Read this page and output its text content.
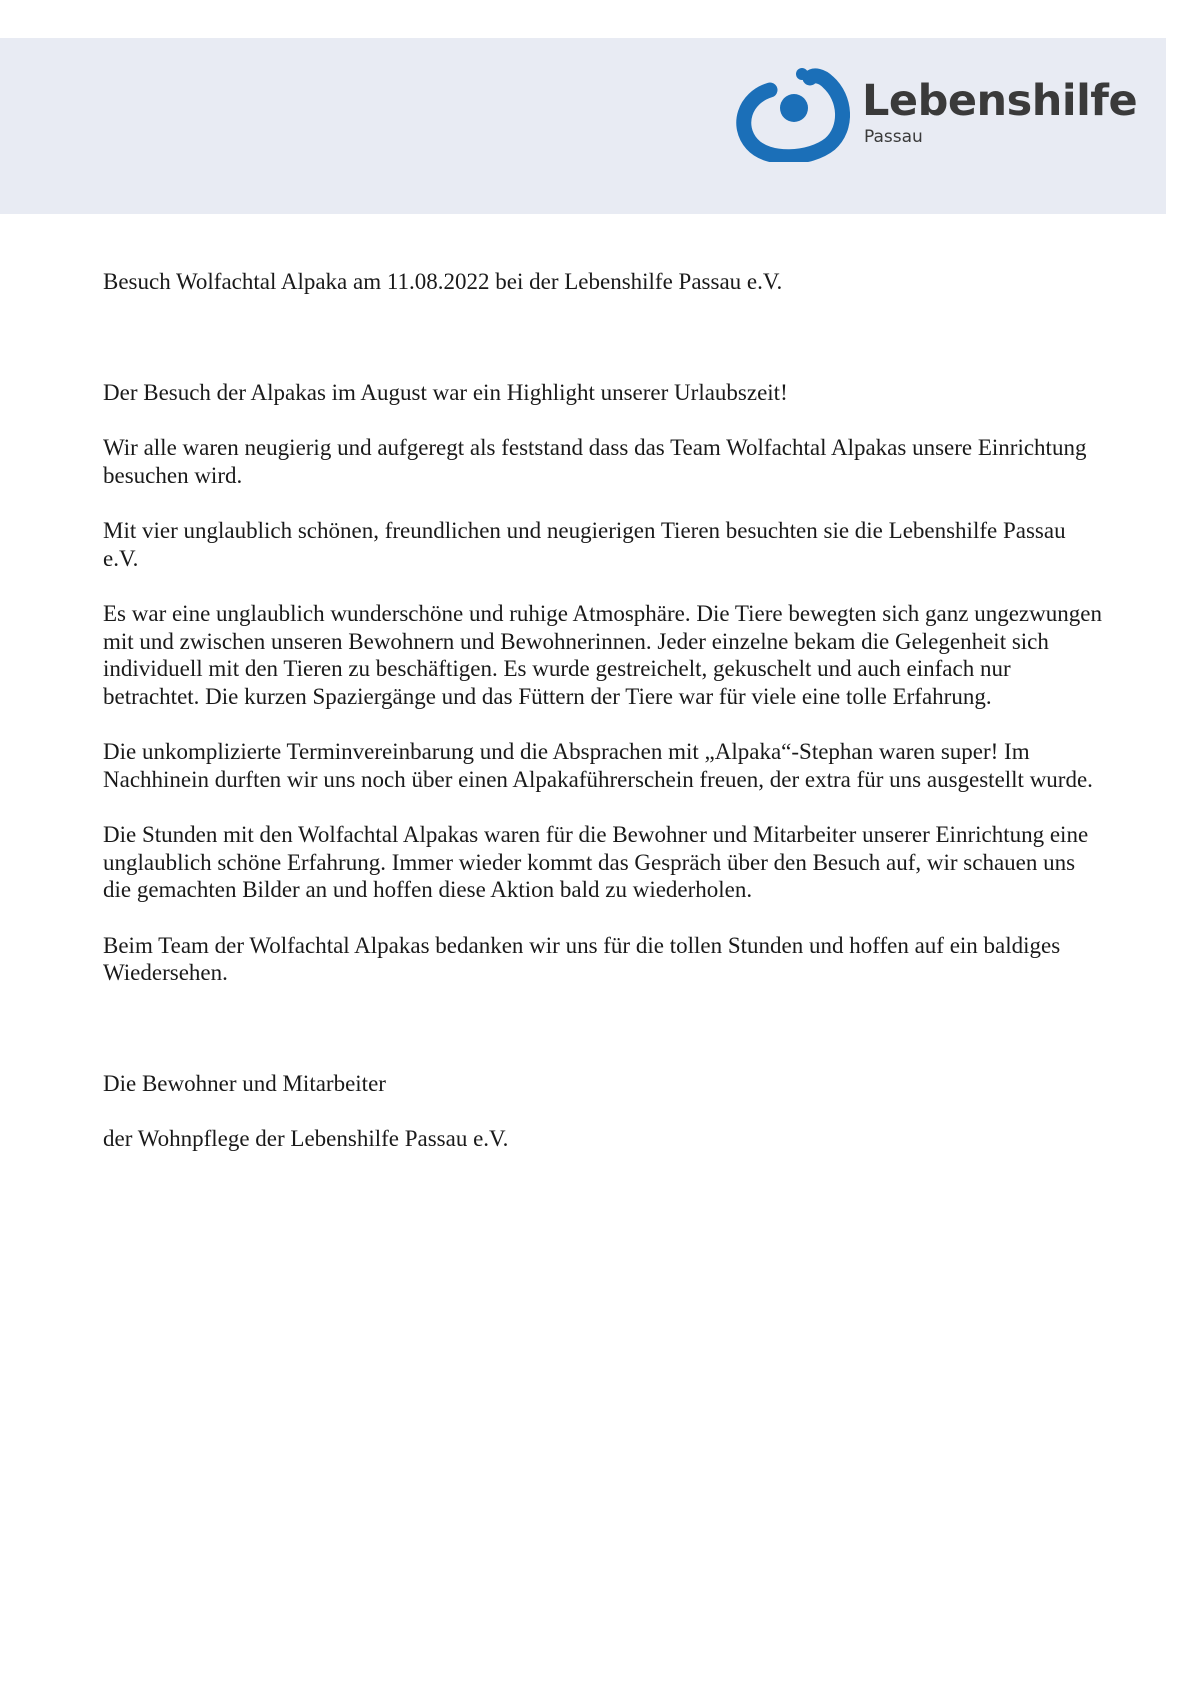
Lebenshilfe
Passau

Besuch Wolfachtal Alpaka am 11.08.2022 bei der Lebenshilfe Passau e.V.

Der Besuch der Alpakas im August war ein Highlight unserer Urlaubszeit!

Wir alle waren neugierig und aufgeregt als feststand dass das Team Wolfachtal Alpakas unsere Einrichtung besuchen wird.

Mit vier unglaublich schönen, freundlichen und neugierigen Tieren besuchten sie die Lebenshilfe Passau e.V.

Es war eine unglaublich wunderschöne und ruhige Atmosphäre. Die Tiere bewegten sich ganz ungezwungen mit und zwischen unseren Bewohnern und Bewohnerinnen. Jeder einzelne bekam die Gelegenheit sich individuell mit den Tieren zu beschäftigen. Es wurde gestreichelt, gekuschelt und auch einfach nur betrachtet. Die kurzen Spaziergänge und das Füttern der Tiere war für viele eine tolle Erfahrung.

Die unkomplizierte Terminvereinbarung und die Absprachen mit „Alpaka“-Stephan waren super! Im Nachhinein durften wir uns noch über einen Alpakaführerschein freuen, der extra für uns ausgestellt wurde.

Die Stunden mit den Wolfachtal Alpakas waren für die Bewohner und Mitarbeiter unserer Einrichtung eine unglaublich schöne Erfahrung. Immer wieder kommt das Gespräch über den Besuch auf, wir schauen uns die gemachten Bilder an und hoffen diese Aktion bald zu wiederholen.

Beim Team der Wolfachtal Alpakas bedanken wir uns für die tollen Stunden und hoffen auf ein baldiges Wiedersehen.

Die Bewohner und Mitarbeiter

der Wohnpflege der Lebenshilfe Passau e.V.
